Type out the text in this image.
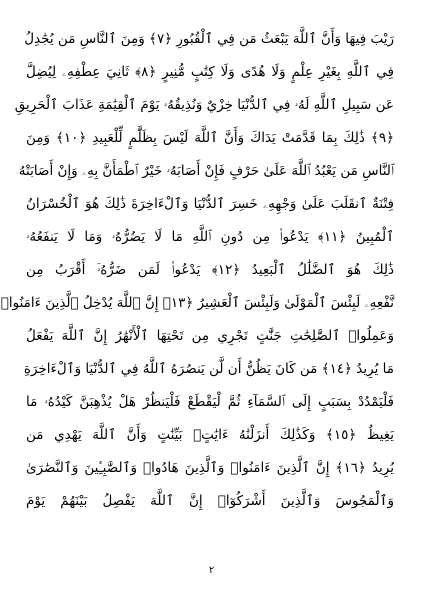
رَيْبَ فِيهَا وَأَنَّ ٱللَّهَ يَبْعَثُ مَن فِي ٱلْقُبُورِ ﴿٧﴾ وَمِنَ ٱلنَّاسِ مَن يُجَٰدِلُ
فِي ٱللَّهِ بِغَيْرِ عِلْمٍ وَلَا هُدًى وَلَا كِتَٰبٍ مُّنِيرٍ ﴿٨﴾ ثَانِيَ عِطْفِهِۦ لِيُضِلَّ
عَن سَبِيلِ ٱللَّهِ لَهُۥ فِي ٱلدُّنْيَا خِزْيٌ وَنُذِيقُهُۥ يَوْمَ ٱلْقِيَٰمَةِ عَذَابَ ٱلْحَرِيقِ
﴿٩﴾ ذَٰلِكَ بِمَا قَدَّمَتْ يَدَاكَ وَأَنَّ ٱللَّهَ لَيْسَ بِظَلَّٰمٍ لِّلْعَبِيدِ ﴿١٠﴾ وَمِنَ
ٱلنَّاسِ مَن يَعْبُدُ ٱللَّهَ عَلَىٰ حَرْفٍ فَإِنْ أَصَابَهُۥ خَيْرٌ ٱطْمَأَنَّ بِهِۦ وَإِنْ أَصَابَتْهُ
فِتْنَةٌ ٱنقَلَبَ عَلَىٰ وَجْهِهِۦ خَسِرَ ٱلدُّنْيَا وَٱلْءَاخِرَةَ ذَٰلِكَ هُوَ ٱلْخُسْرَانُ
ٱلْمُبِينُ ﴿١١﴾ يَدْعُوا۟ مِن دُونِ ٱللَّهِ مَا لَا يَضُرُّهُۥ وَمَا لَا يَنفَعُهُۥ
ذَٰلِكَ هُوَ ٱلضَّلَٰلُ ٱلْبَعِيدُ ﴿١٢﴾ يَدْعُوا۟ لَمَن ضَرُّهُۥٓ أَقْرَبُ مِن
نَّفْعِهِۦ لَبِئْسَ ٱلْمَوْلَىٰ وَلَبِئْسَ ٱلْعَشِيرُ ﴿١٣﴾ إِنَّ ٱللَّهَ يُدْخِلُ ٱلَّذِينَ ءَامَنُوا۟
وَعَمِلُوا۟ ٱلصَّٰلِحَٰتِ جَنَّٰتٍ تَجْرِي مِن تَحْتِهَا ٱلْأَنْهَٰرُ إِنَّ ٱللَّهَ يَفْعَلُ
مَا يُرِيدُ ﴿١٤﴾ مَن كَانَ يَظُنُّ أَن لَّن يَنصُرَهُ ٱللَّهُ فِي ٱلدُّنْيَا وَٱلْءَاخِرَةِ
فَلْيَمْدُدْ بِسَبَبٍ إِلَى ٱلسَّمَآءِ ثُمَّ لْيَقْطَعْ فَلْيَنظُرْ هَلْ يُذْهِبَنَّ كَيْدُهُۥ مَا
يَغِيظُ ﴿١٥﴾ وَكَذَٰلِكَ أَنزَلْنَٰهُ ءَايَٰتٍۭ بَيِّنَٰتٍ وَأَنَّ ٱللَّهَ يَهْدِي مَن
يُرِيدُ ﴿١٦﴾ إِنَّ ٱلَّذِينَ ءَامَنُوا۟ وَٱلَّذِينَ هَادُوا۟ وَٱلصَّٰبِـِٔينَ وَٱلنَّصَٰرَىٰ
وَٱلْمَجُوسَ وَٱلَّذِينَ أَشْرَكُوٓا۟ إِنَّ ٱللَّهَ يَفْصِلُ بَيْنَهُمْ يَوْمَ
٢
